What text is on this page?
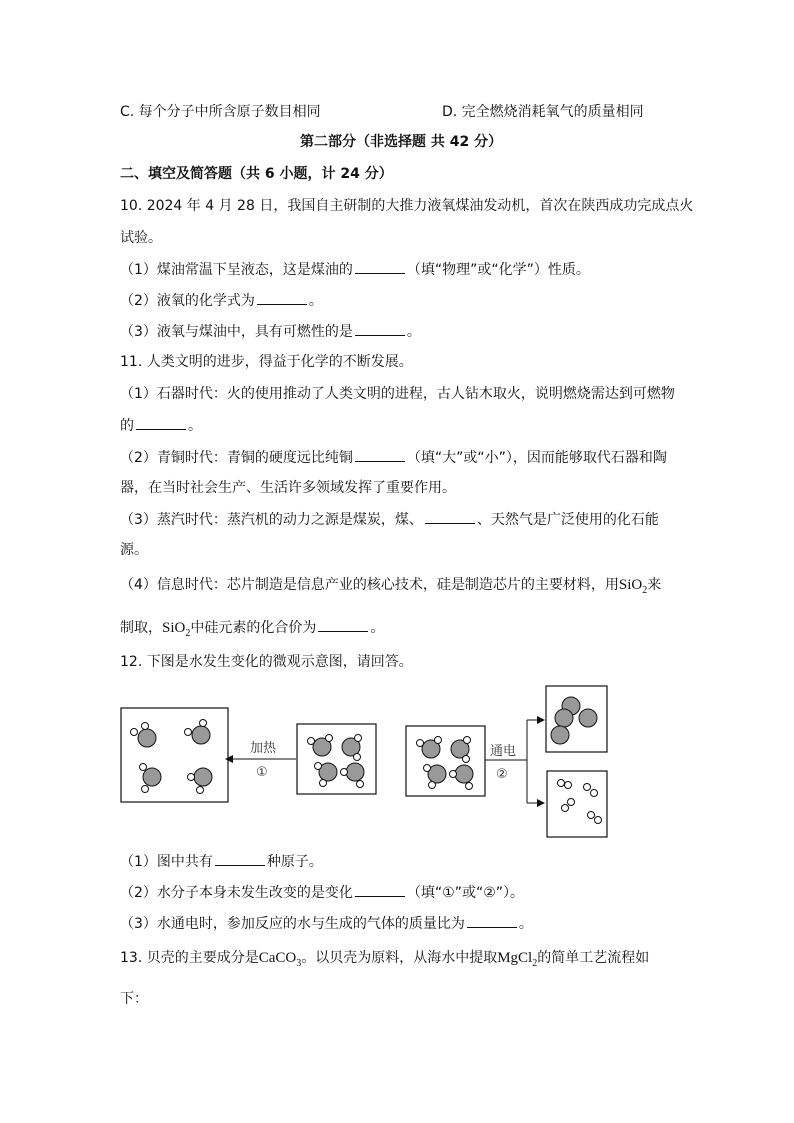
C. 每个分子中所含原子数目相同	D. 完全燃烧消耗氧气的质量相同
第二部分（非选择题 共 42 分）
二、填空及简答题（共 6 小题，计 24 分）
10. 2024 年 4 月 28 日，我国自主研制的大推力液氧煤油发动机，首次在陕西成功完成点火
试验。
（1）煤油常温下呈液态，这是煤油的	（填“物理”或“化学”）性质。
（2）液氧的化学式为	。
（3）液氧与煤油中，具有可燃性的是	。
11. 人类文明的进步，得益于化学的不断发展。
（1）石器时代：火的使用推动了人类文明的进程，古人钻木取火，说明燃烧需达到可燃物
的	。
（2）青铜时代：青铜的硬度远比纯铜	（填“大”或“小”），因而能够取代石器和陶
器，在当时社会生产、生活许多领域发挥了重要作用。
（3）蒸汽时代：蒸汽机的动力之源是煤炭，煤、	、天然气是广泛使用的化石能
源。
（4）信息时代：芯片制造是信息产业的核心技术，硅是制造芯片的主要材料，用SiO$_2$来
制取，SiO$_2$中硅元素的化合价为	。
12. 下图是水发生变化的微观示意图，请回答。
加热
①
通电
②
（1）图中共有	种原子。
（2）水分子本身未发生改变的是变化	（填“①”或“②”）。
（3）水通电时，参加反应的水与生成的气体的质量比为	。
13. 贝壳的主要成分是CaCO$_3$。以贝壳为原料，从海水中提取MgCl$_2$的简单工艺流程如
下：
